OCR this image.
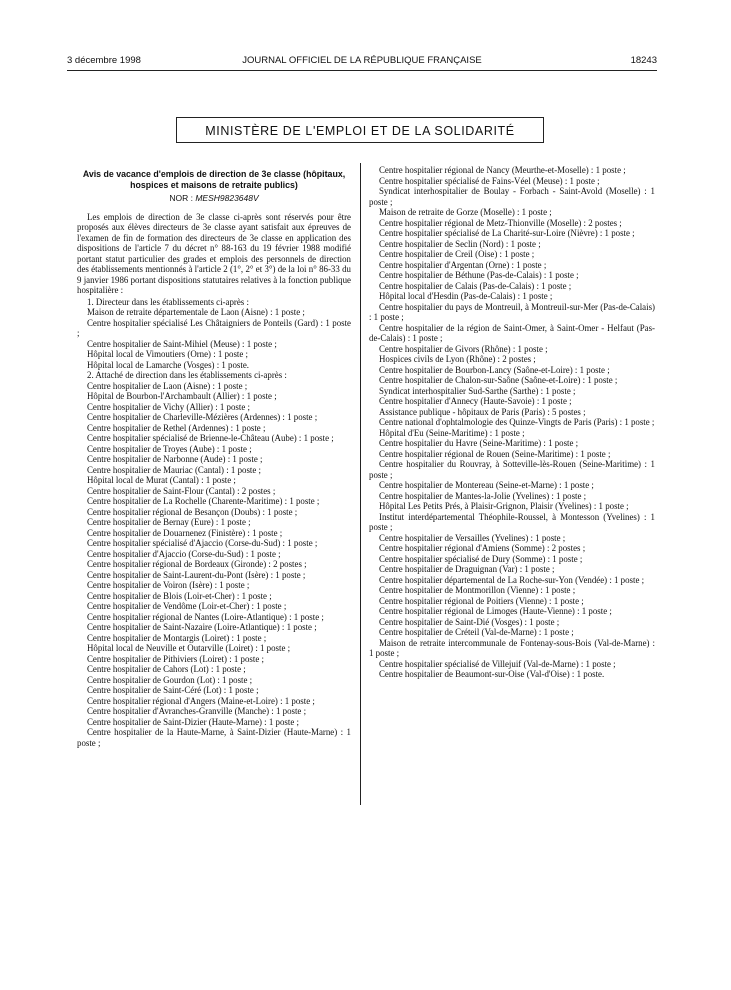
3 décembre 1998	JOURNAL OFFICIEL DE LA RÉPUBLIQUE FRANÇAISE	18243
MINISTÈRE DE L'EMPLOI ET DE LA SOLIDARITÉ
Avis de vacance d'emplois de direction de 3e classe (hôpitaux, hospices et maisons de retraite publics)
NOR : MESH9823648V

Les emplois de direction de 3e classe ci-après sont réservés pour être proposés aux élèves directeurs de 3e classe ayant satisfait aux épreuves de l'examen de fin de formation des directeurs de 3e classe en application des dispositions de l'article 7 du décret n° 88-163 du 19 février 1988 modifié portant statut particulier des grades et emplois des personnels de direction des établissements mentionnés à l'article 2 (1°, 2° et 3°) de la loi n° 86-33 du 9 janvier 1986 portant dispositions statutaires relatives à la fonction publique hospitalière :

1. Directeur dans les établissements ci-après :

Maison de retraite départementale de Laon (Aisne) : 1 poste ;

Centre hospitalier spécialisé Les Châtaigniers de Ponteils (Gard) : 1 poste ;

Centre hospitalier de Saint-Mihiel (Meuse) : 1 poste ;

Hôpital local de Vimoutiers (Orne) : 1 poste ;

Hôpital local de Lamarche (Vosges) : 1 poste.

2. Attaché de direction dans les établissements ci-après :

Centre hospitalier de Laon (Aisne) : 1 poste ;

Hôpital de Bourbon-l'Archambault (Allier) : 1 poste ;

Centre hospitalier de Vichy (Allier) : 1 poste ;

Centre hospitalier de Charleville-Mézières (Ardennes) : 1 poste ;

Centre hospitalier de Rethel (Ardennes) : 1 poste ;

Centre hospitalier spécialisé de Brienne-le-Château (Aube) : 1 poste ;

Centre hospitalier de Troyes (Aube) : 1 poste ;

Centre hospitalier de Narbonne (Aude) : 1 poste ;

Centre hospitalier de Mauriac (Cantal) : 1 poste ;

Hôpital local de Murat (Cantal) : 1 poste ;

Centre hospitalier de Saint-Flour (Cantal) : 2 postes ;

Centre hospitalier de La Rochelle (Charente-Maritime) : 1 poste ;

Centre hospitalier régional de Besançon (Doubs) : 1 poste ;

Centre hospitalier de Bernay (Eure) : 1 poste ;

Centre hospitalier de Douarnenez (Finistère) : 1 poste ;

Centre hospitalier spécialisé d'Ajaccio (Corse-du-Sud) : 1 poste ;

Centre hospitalier d'Ajaccio (Corse-du-Sud) : 1 poste ;

Centre hospitalier régional de Bordeaux (Gironde) : 2 postes ;

Centre hospitalier de Saint-Laurent-du-Pont (Isère) : 1 poste ;

Centre hospitalier de Voiron (Isère) : 1 poste ;

Centre hospitalier de Blois (Loir-et-Cher) : 1 poste ;

Centre hospitalier de Vendôme (Loir-et-Cher) : 1 poste ;

Centre hospitalier régional de Nantes (Loire-Atlantique) : 1 poste ;

Centre hospitalier de Saint-Nazaire (Loire-Atlantique) : 1 poste ;

Centre hospitalier de Montargis (Loiret) : 1 poste ;

Hôpital local de Neuville et Outarville (Loiret) : 1 poste ;

Centre hospitalier de Pithiviers (Loiret) : 1 poste ;

Centre hospitalier de Cahors (Lot) : 1 poste ;

Centre hospitalier de Gourdon (Lot) : 1 poste ;

Centre hospitalier de Saint-Céré (Lot) : 1 poste ;

Centre hospitalier régional d'Angers (Maine-et-Loire) : 1 poste ;

Centre hospitalier d'Avranches-Granville (Manche) : 1 poste ;

Centre hospitalier de Saint-Dizier (Haute-Marne) : 1 poste ;

Centre hospitalier de la Haute-Marne, à Saint-Dizier (Haute-Marne) : 1 poste ;

Centre hospitalier régional de Nancy (Meurthe-et-Moselle) : 1 poste ;

Centre hospitalier spécialisé de Fains-Véel (Meuse) : 1 poste ;

Syndicat interhospitalier de Boulay - Forbach - Saint-Avold (Moselle) : 1 poste ;

Maison de retraite de Gorze (Moselle) : 1 poste ;

Centre hospitalier régional de Metz-Thionville (Moselle) : 2 postes ;

Centre hospitalier spécialisé de La Charité-sur-Loire (Nièvre) : 1 poste ;

Centre hospitalier de Seclin (Nord) : 1 poste ;

Centre hospitalier de Creil (Oise) : 1 poste ;

Centre hospitalier d'Argentan (Orne) : 1 poste ;

Centre hospitalier de Béthune (Pas-de-Calais) : 1 poste ;

Centre hospitalier de Calais (Pas-de-Calais) : 1 poste ;

Hôpital local d'Hesdin (Pas-de-Calais) : 1 poste ;

Centre hospitalier du pays de Montreuil, à Montreuil-sur-Mer (Pas-de-Calais) : 1 poste ;

Centre hospitalier de la région de Saint-Omer, à Saint-Omer - Helfaut (Pas-de-Calais) : 1 poste ;

Centre hospitalier de Givors (Rhône) : 1 poste ;

Hospices civils de Lyon (Rhône) : 2 postes ;

Centre hospitalier de Bourbon-Lancy (Saône-et-Loire) : 1 poste ;

Centre hospitalier de Chalon-sur-Saône (Saône-et-Loire) : 1 poste ;

Syndicat interhospitalier Sud-Sarthe (Sarthe) : 1 poste ;

Centre hospitalier d'Annecy (Haute-Savoie) : 1 poste ;

Assistance publique - hôpitaux de Paris (Paris) : 5 postes ;

Centre national d'ophtalmologie des Quinze-Vingts de Paris (Paris) : 1 poste ;

Hôpital d'Eu (Seine-Maritime) : 1 poste ;

Centre hospitalier du Havre (Seine-Maritime) : 1 poste ;

Centre hospitalier régional de Rouen (Seine-Maritime) : 1 poste ;

Centre hospitalier du Rouvray, à Sotteville-lès-Rouen (Seine-Maritime) : 1 poste ;

Centre hospitalier de Montereau (Seine-et-Marne) : 1 poste ;

Centre hospitalier de Mantes-la-Jolie (Yvelines) : 1 poste ;

Hôpital Les Petits Prés, à Plaisir-Grignon, Plaisir (Yvelines) : 1 poste ;

Institut interdépartemental Théophile-Roussel, à Montesson (Yvelines) : 1 poste ;

Centre hospitalier de Versailles (Yvelines) : 1 poste ;

Centre hospitalier régional d'Amiens (Somme) : 2 postes ;

Centre hospitalier spécialisé de Dury (Somme) : 1 poste ;

Centre hospitalier de Draguignan (Var) : 1 poste ;

Centre hospitalier départemental de La Roche-sur-Yon (Vendée) : 1 poste ;

Centre hospitalier de Montmorillon (Vienne) : 1 poste ;

Centre hospitalier régional de Poitiers (Vienne) : 1 poste ;

Centre hospitalier régional de Limoges (Haute-Vienne) : 1 poste ;

Centre hospitalier de Saint-Dié (Vosges) : 1 poste ;

Centre hospitalier de Créteil (Val-de-Marne) : 1 poste ;

Maison de retraite intercommunale de Fontenay-sous-Bois (Val-de-Marne) : 1 poste ;

Centre hospitalier spécialisé de Villejuif (Val-de-Marne) : 1 poste ;

Centre hospitalier de Beaumont-sur-Oise (Val-d'Oise) : 1 poste.
